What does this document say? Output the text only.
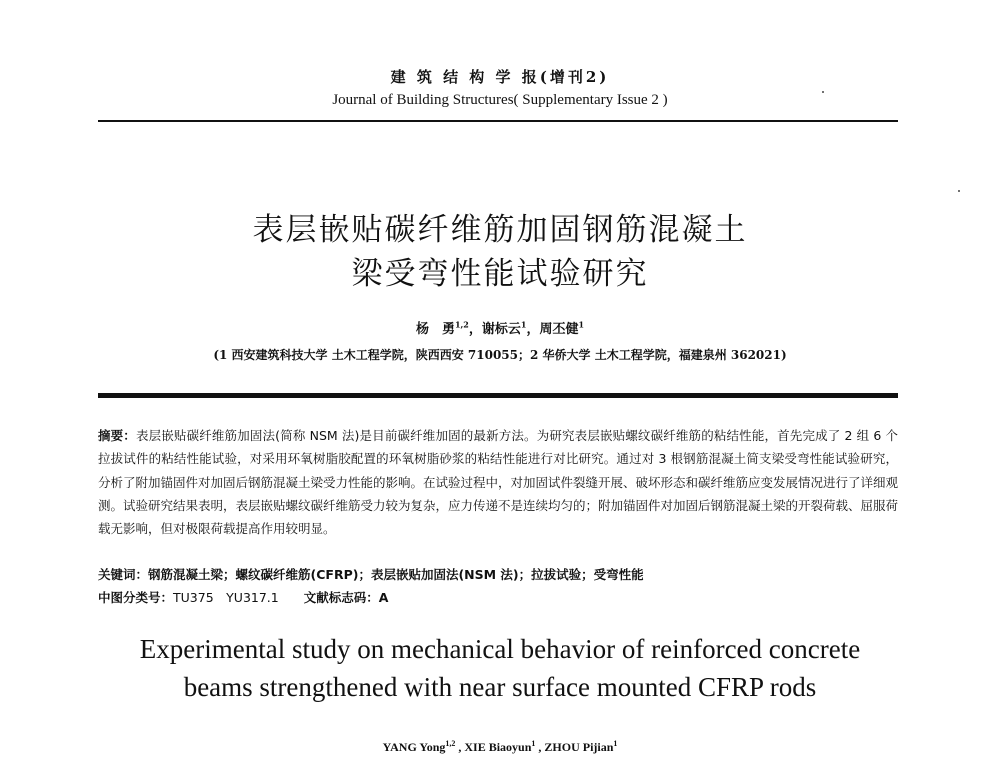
建 筑 结 构 学 报(增刊2)
Journal of Building Structures( Supplementary Issue 2 )
表层嵌贴碳纤维筋加固钢筋混凝土
梁受弯性能试验研究
杨　勇$^{1,2}$，谢标云$^1$，周丕健$^1$
(1 西安建筑科技大学 土木工程学院，陕西西安 710055；2 华侨大学 土木工程学院，福建泉州 362021)
摘要：表层嵌贴碳纤维筋加固法(简称 NSM 法)是目前碳纤维加固的最新方法。为研究表层嵌贴螺纹碳纤维筋的粘结性能，首先完成了 2 组 6 个拉拔试件的粘结性能试验，对采用环氧树脂胶配置的环氧树脂砂浆的粘结性能进行对比研究。通过对 3 根钢筋混凝土简支梁受弯性能试验研究，分析了附加锚固件对加固后钢筋混凝土梁受力性能的影响。在试验过程中，对加固试件裂缝开展、破坏形态和碳纤维筋应变发展情况进行了详细观测。试验研究结果表明，表层嵌贴螺纹碳纤维筋受力较为复杂，应力传递不是连续均匀的；附加锚固件对加固后钢筋混凝土梁的开裂荷载、屈服荷载无影响，但对极限荷载提高作用较明显。
关键词：钢筋混凝土梁；螺纹碳纤维筋(CFRP)；表层嵌贴加固法(NSM 法)；拉拔试验；受弯性能
中图分类号：TU375　YU317.1　　 文献标志码：A
Experimental study on mechanical behavior of reinforced concrete
beams strengthened with near surface mounted CFRP rods
YANG Yong$^{1,2}$ , XIE Biaoyun$^1$ , ZHOU Pijian$^1$
